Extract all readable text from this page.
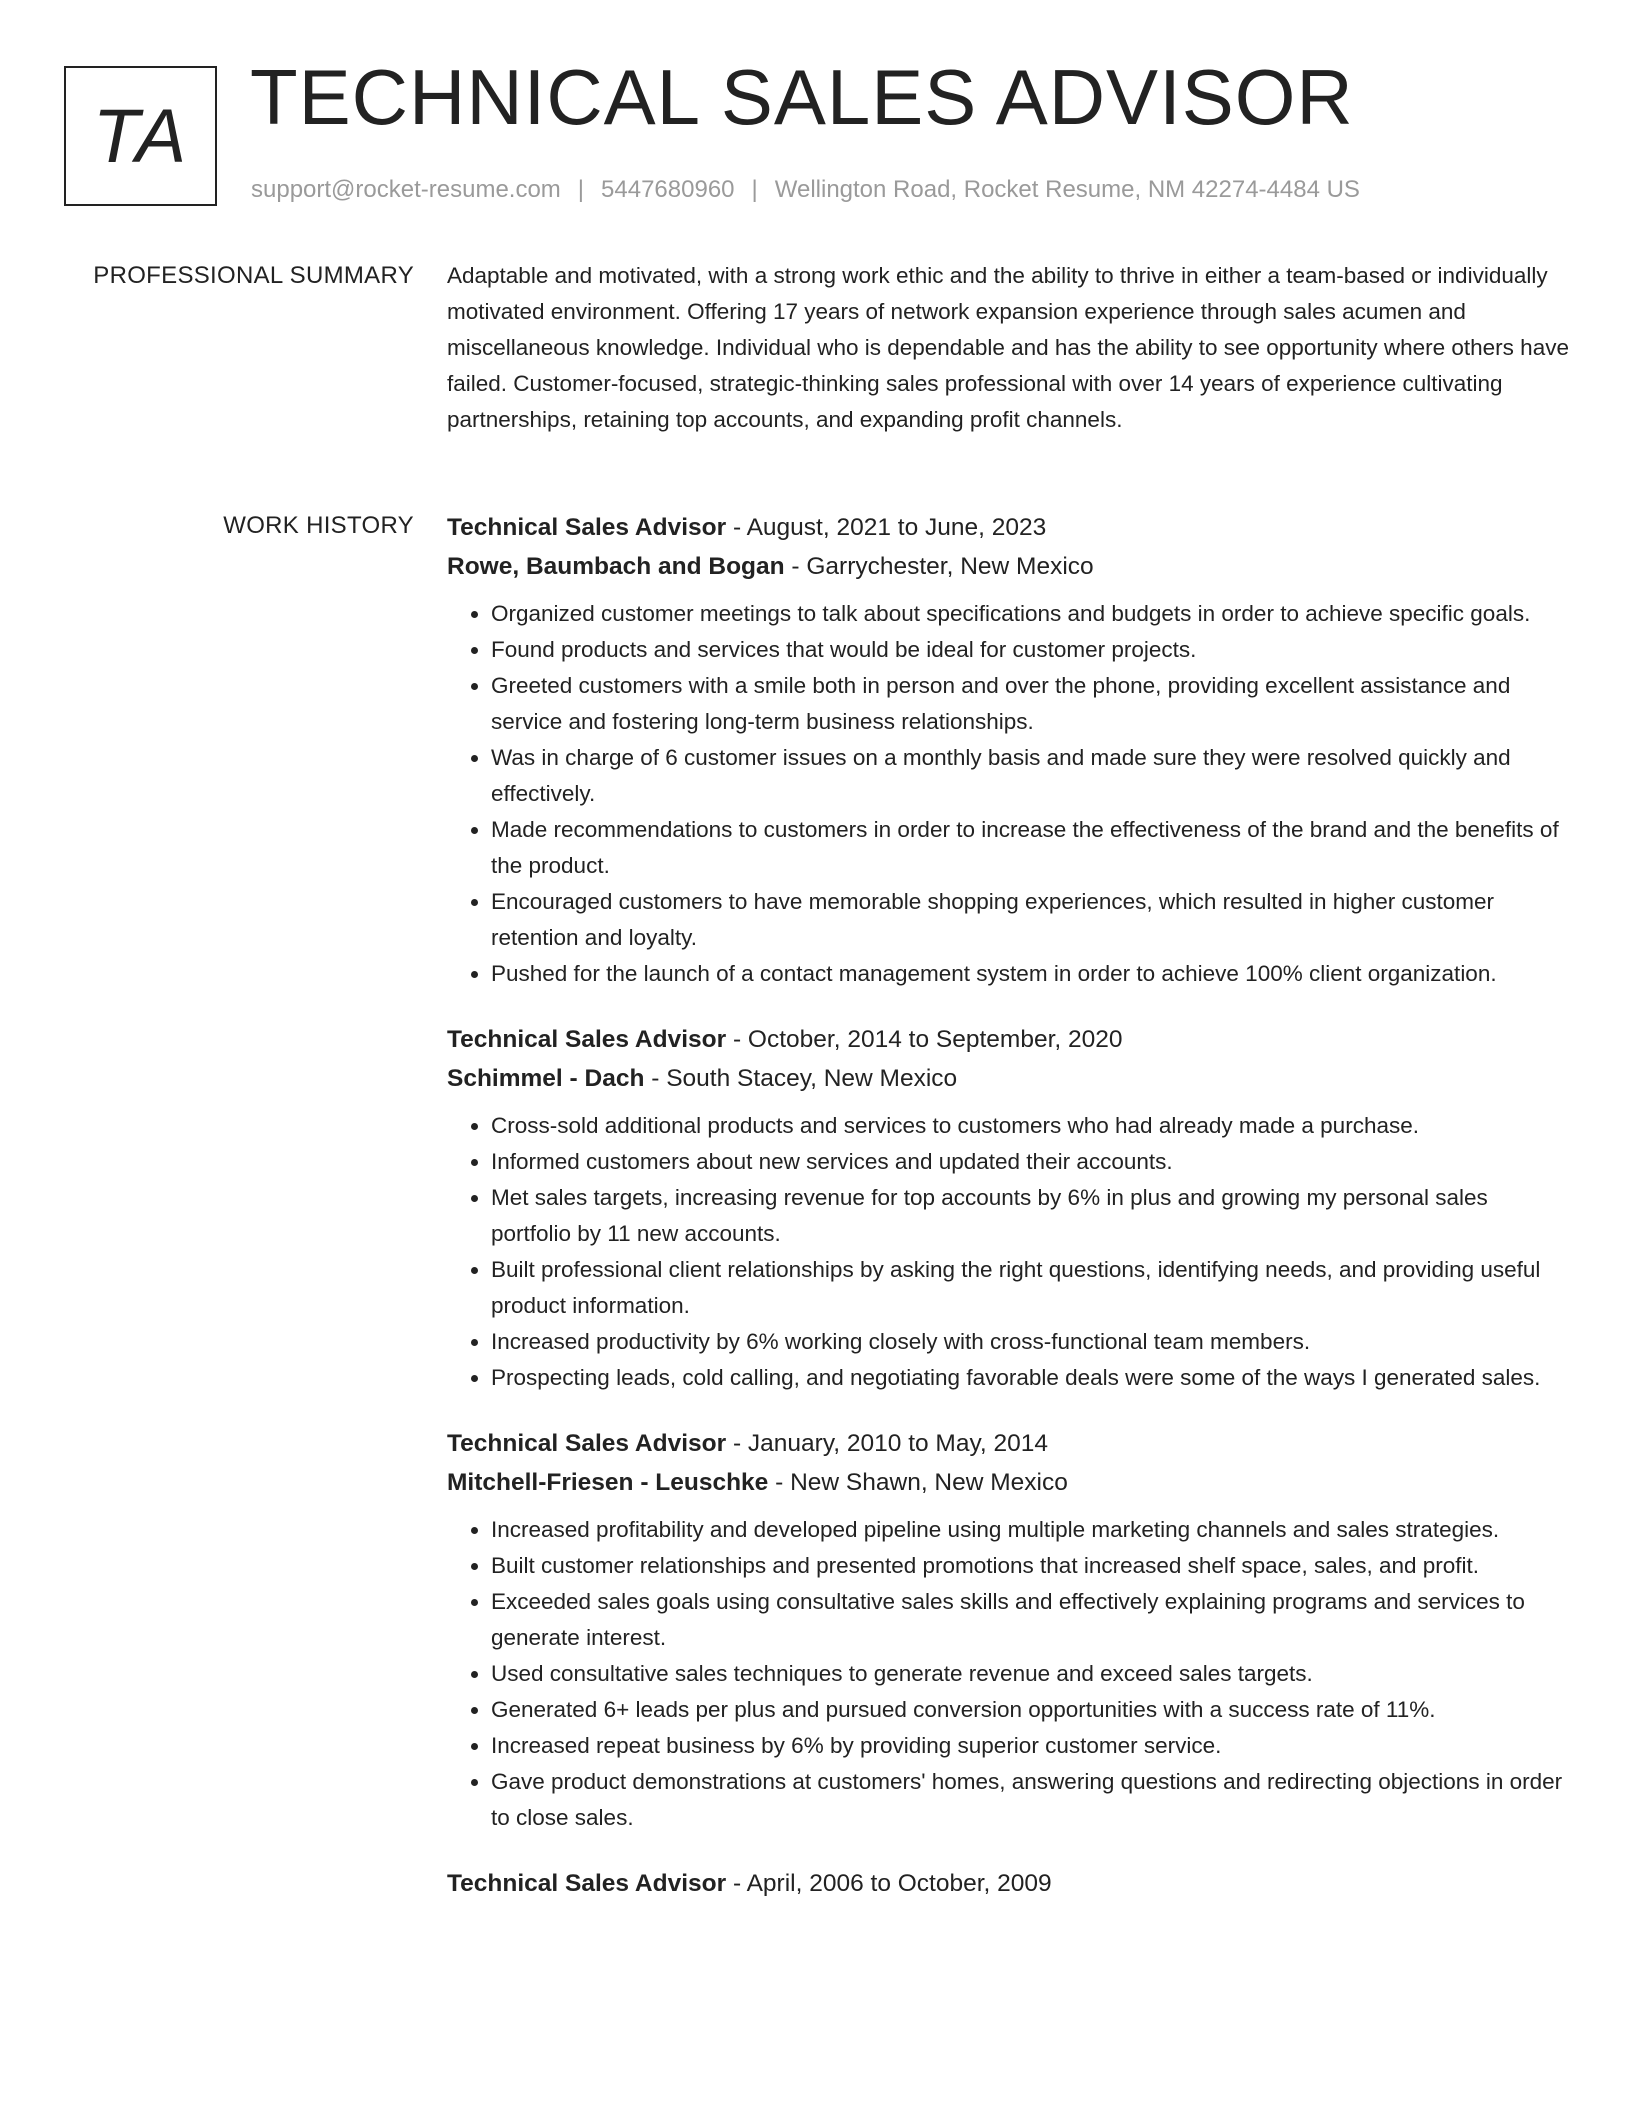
TA TECHNICAL SALES ADVISOR
support@rocket-resume.com | 5447680960 | Wellington Road, Rocket Resume, NM 42274-4484 US
PROFESSIONAL SUMMARY Adaptable and motivated, with a strong work ethic and the ability to thrive in either a team-based or individually motivated environment. Offering 17 years of network expansion experience through sales acumen and miscellaneous knowledge. Individual who is dependable and has the ability to see opportunity where others have failed. Customer-focused, strategic-thinking sales professional with over 14 years of experience cultivating partnerships, retaining top accounts, and expanding profit channels.
WORK HISTORY Technical Sales Advisor - August, 2021 to June, 2023
Rowe, Baumbach and Bogan - Garrychester, New Mexico
• Organized customer meetings to talk about specifications and budgets in order to achieve specific goals.
• Found products and services that would be ideal for customer projects.
• Greeted customers with a smile both in person and over the phone, providing excellent assistance and service and fostering long-term business relationships.
• Was in charge of 6 customer issues on a monthly basis and made sure they were resolved quickly and effectively.
• Made recommendations to customers in order to increase the effectiveness of the brand and the benefits of the product.
• Encouraged customers to have memorable shopping experiences, which resulted in higher customer retention and loyalty.
• Pushed for the launch of a contact management system in order to achieve 100% client organization.
Technical Sales Advisor - October, 2014 to September, 2020
Schimmel - Dach - South Stacey, New Mexico
• Cross-sold additional products and services to customers who had already made a purchase.
• Informed customers about new services and updated their accounts.
• Met sales targets, increasing revenue for top accounts by 6% in plus and growing my personal sales portfolio by 11 new accounts.
• Built professional client relationships by asking the right questions, identifying needs, and providing useful product information.
• Increased productivity by 6% working closely with cross-functional team members.
• Prospecting leads, cold calling, and negotiating favorable deals were some of the ways I generated sales.
Technical Sales Advisor - January, 2010 to May, 2014
Mitchell-Friesen - Leuschke - New Shawn, New Mexico
• Increased profitability and developed pipeline using multiple marketing channels and sales strategies.
• Built customer relationships and presented promotions that increased shelf space, sales, and profit.
• Exceeded sales goals using consultative sales skills and effectively explaining programs and services to generate interest.
• Used consultative sales techniques to generate revenue and exceed sales targets.
• Generated 6+ leads per plus and pursued conversion opportunities with a success rate of 11%.
• Increased repeat business by 6% by providing superior customer service.
• Gave product demonstrations at customers' homes, answering questions and redirecting objections in order to close sales.
Technical Sales Advisor - April, 2006 to October, 2009
